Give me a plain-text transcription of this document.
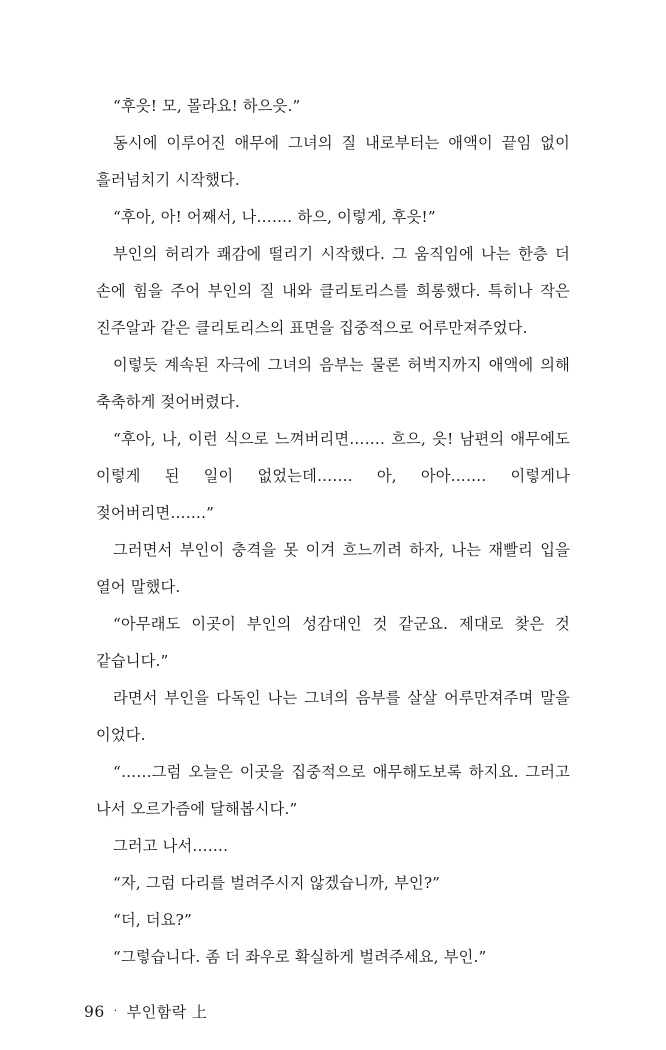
“후읏! 모, 몰라요! 하으읏.”

동시에 이루어진 애무에 그녀의 질 내로부터는 애액이 끝임 없이 흘러넘치기 시작했다.

“후아, 아! 어째서, 나……. 하으, 이렇게, 후읏!”

부인의 허리가 쾌감에 떨리기 시작했다. 그 움직임에 나는 한층 더 손에 힘을 주어 부인의 질 내와 클리토리스를 희롱했다. 특히나 작은 진주알과 같은 클리토리스의 표면을 집중적으로 어루만져주었다.

이렇듯 계속된 자극에 그녀의 음부는 물론 허벅지까지 애액에 의해 축축하게 젖어버렸다.

“후아, 나, 이런 식으로 느껴버리면……. 흐으, 읏! 남편의 애무에도 이렇게 된 일이 없었는데……. 아, 아아……. 이렇게나 젖어버리면…….”

그러면서 부인이 충격을 못 이겨 흐느끼려 하자, 나는 재빨리 입을 열어 말했다.

“아무래도 이곳이 부인의 성감대인 것 같군요. 제대로 찾은 것 같습니다.”

라면서 부인을 다독인 나는 그녀의 음부를 살살 어루만져주며 말을 이었다.

“……그럼 오늘은 이곳을 집중적으로 애무해도보록 하지요. 그러고 나서 오르가즘에 달해봅시다.”

그러고 나서…….

“자, 그럼 다리를 벌려주시지 않겠습니까, 부인?”

“더, 더요?”

“그렇습니다. 좀 더 좌우로 확실하게 벌려주세요, 부인.”

96 · 부인함락 上
